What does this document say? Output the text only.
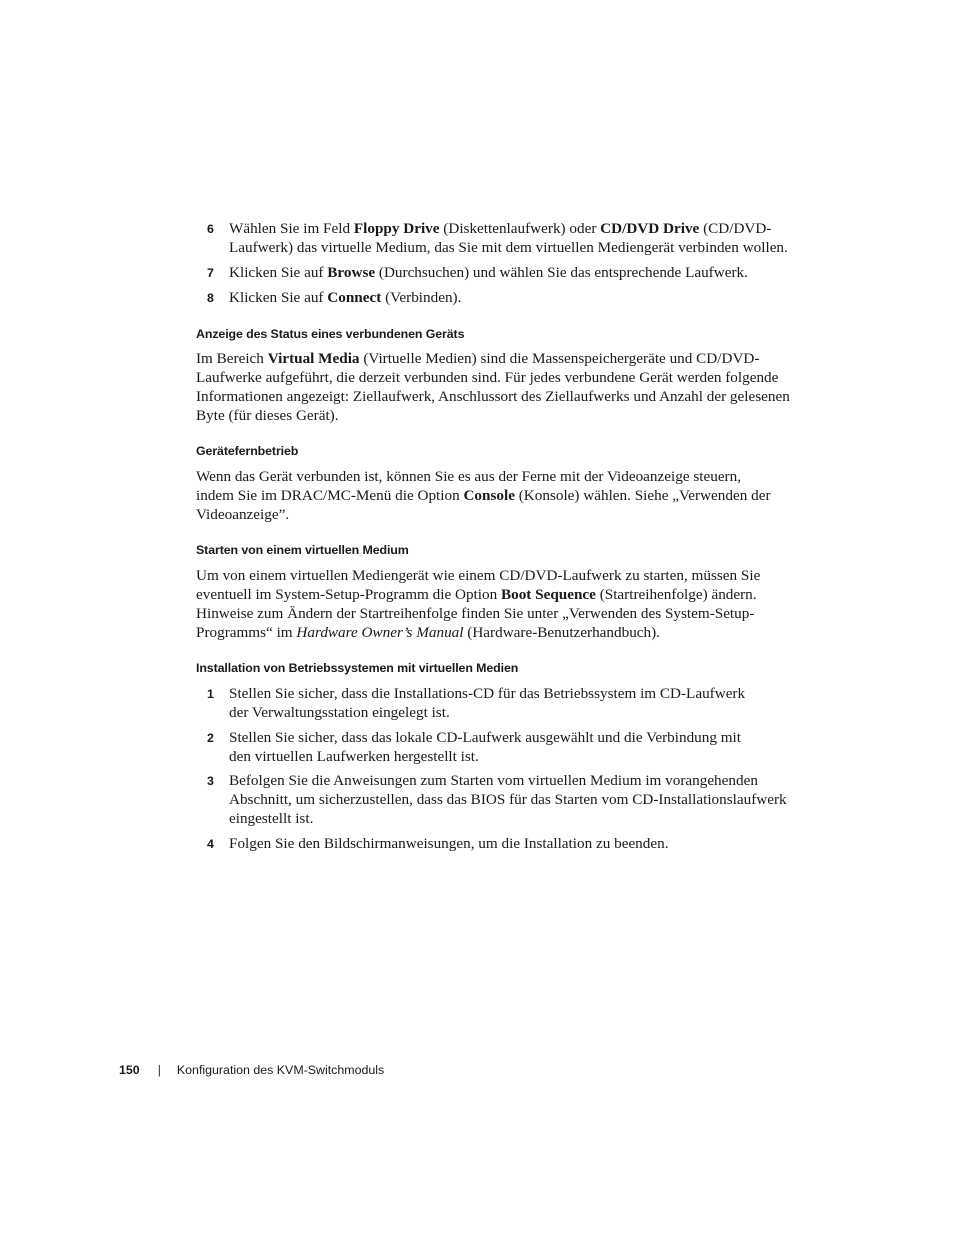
6 Wählen Sie im Feld Floppy Drive (Diskettenlaufwerk) oder CD/DVD Drive (CD/DVD-
Laufwerk) das virtuelle Medium, das Sie mit dem virtuellen Mediengerät verbinden wollen.
7 Klicken Sie auf Browse (Durchsuchen) und wählen Sie das entsprechende Laufwerk.
8 Klicken Sie auf Connect (Verbinden).
Anzeige des Status eines verbundenen Geräts
Im Bereich Virtual Media (Virtuelle Medien) sind die Massenspeichergeräte und CD/DVD-
Laufwerke aufgeführt, die derzeit verbunden sind. Für jedes verbundene Gerät werden folgende
Informationen angezeigt: Ziellaufwerk, Anschlussort des Ziellaufwerks und Anzahl der gelesenen
Byte (für dieses Gerät).
Gerätefernbetrieb
Wenn das Gerät verbunden ist, können Sie es aus der Ferne mit der Videoanzeige steuern,
indem Sie im DRAC/MC-Menü die Option Console (Konsole) wählen. Siehe „Verwenden der
Videoanzeige”.
Starten von einem virtuellen Medium
Um von einem virtuellen Mediengerät wie einem CD/DVD-Laufwerk zu starten, müssen Sie
eventuell im System-Setup-Programm die Option Boot Sequence (Startreihenfolge) ändern.
Hinweise zum Ändern der Startreihenfolge finden Sie unter „Verwenden des System-Setup-
Programms“ im Hardware Owner’s Manual (Hardware-Benutzerhandbuch).
Installation von Betriebssystemen mit virtuellen Medien
1 Stellen Sie sicher, dass die Installations-CD für das Betriebssystem im CD-Laufwerk
der Verwaltungsstation eingelegt ist.
2 Stellen Sie sicher, dass das lokale CD-Laufwerk ausgewählt und die Verbindung mit
den virtuellen Laufwerken hergestellt ist.
3 Befolgen Sie die Anweisungen zum Starten vom virtuellen Medium im vorangehenden
Abschnitt, um sicherzustellen, dass das BIOS für das Starten vom CD-Installationslaufwerk
eingestellt ist.
4 Folgen Sie den Bildschirmanweisungen, um die Installation zu beenden.
150 | Konfiguration des KVM-Switchmoduls
